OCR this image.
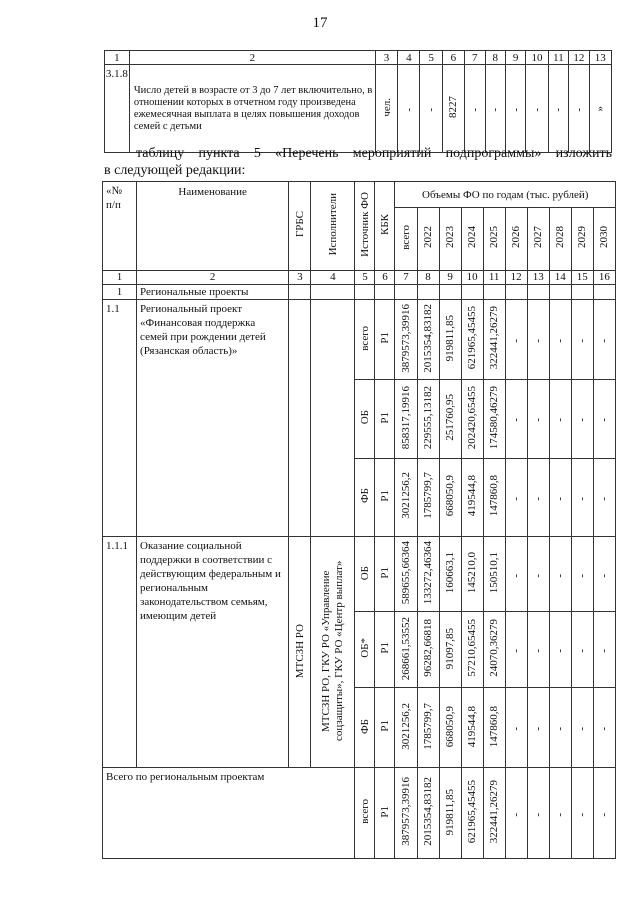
17
1	2	3	4	5	6	7	8	9	10	11	12	13
3.1.8	Число детей в возрасте от 3 до 7 лет включительно, в отношении которых в отчетном году произведена ежемесячная выплата в целях повышения доходов семей с детьми	чел.	-	-	8227	-	-	-	-	-	-	»
таблицу пункта 5 «Перечень мероприятий подпрограммы» изложить
в следующей редакции:
«№ п/п	Наименование	ГРБС	Исполнители	Источник ФО	КБК	Объемы ФО по годам (тыс. рублей)									
						всего	2022	2023	2024	2025	2026	2027	2028	2029	2030
1	2	3	4	5	6	7	8	9	10	11	12	13	14	15	16
1	Региональные проекты														
1.1	Региональный проект «Финансовая поддержка семей при рождении детей (Рязанская область)»			всего	Р1	3879573,39916	2015354,83182	919811,85	621965,45455	322441,26279	-	-	-	-	-
				ОБ	Р1	858317,19916	229555,13182	251760,95	202420,65455	174580,46279	-	-	-	-	-
				ФБ	Р1	3021256,2	1785799,7	668050,9	419544,8	147860,8	-	-	-	-	-
1.1.1	Оказание социальной поддержки в соответствии с действующим федеральным и региональным законодательством семьям, имеющим детей	МТСЗН РО	МТСЗН РО, ГКУ РО «Управление соцзащиты», ГКУ РО «Центр выплат»	ОБ	Р1	589655,66364	133272,46364	160663,1	145210,0	150510,1	-	-	-	-	-
				ОБ*	Р1	268661,53552	96282,66818	91097,85	57210,65455	24070,36279	-	-	-	-	-
				ФБ	Р1	3021256,2	1785799,7	668050,9	419544,8	147860,8	-	-	-	-	-
Всего по региональным проектам				всего	Р1	3879573,39916	2015354,83182	919811,85	621965,45455	322441,26279	-	-	-	-	-
